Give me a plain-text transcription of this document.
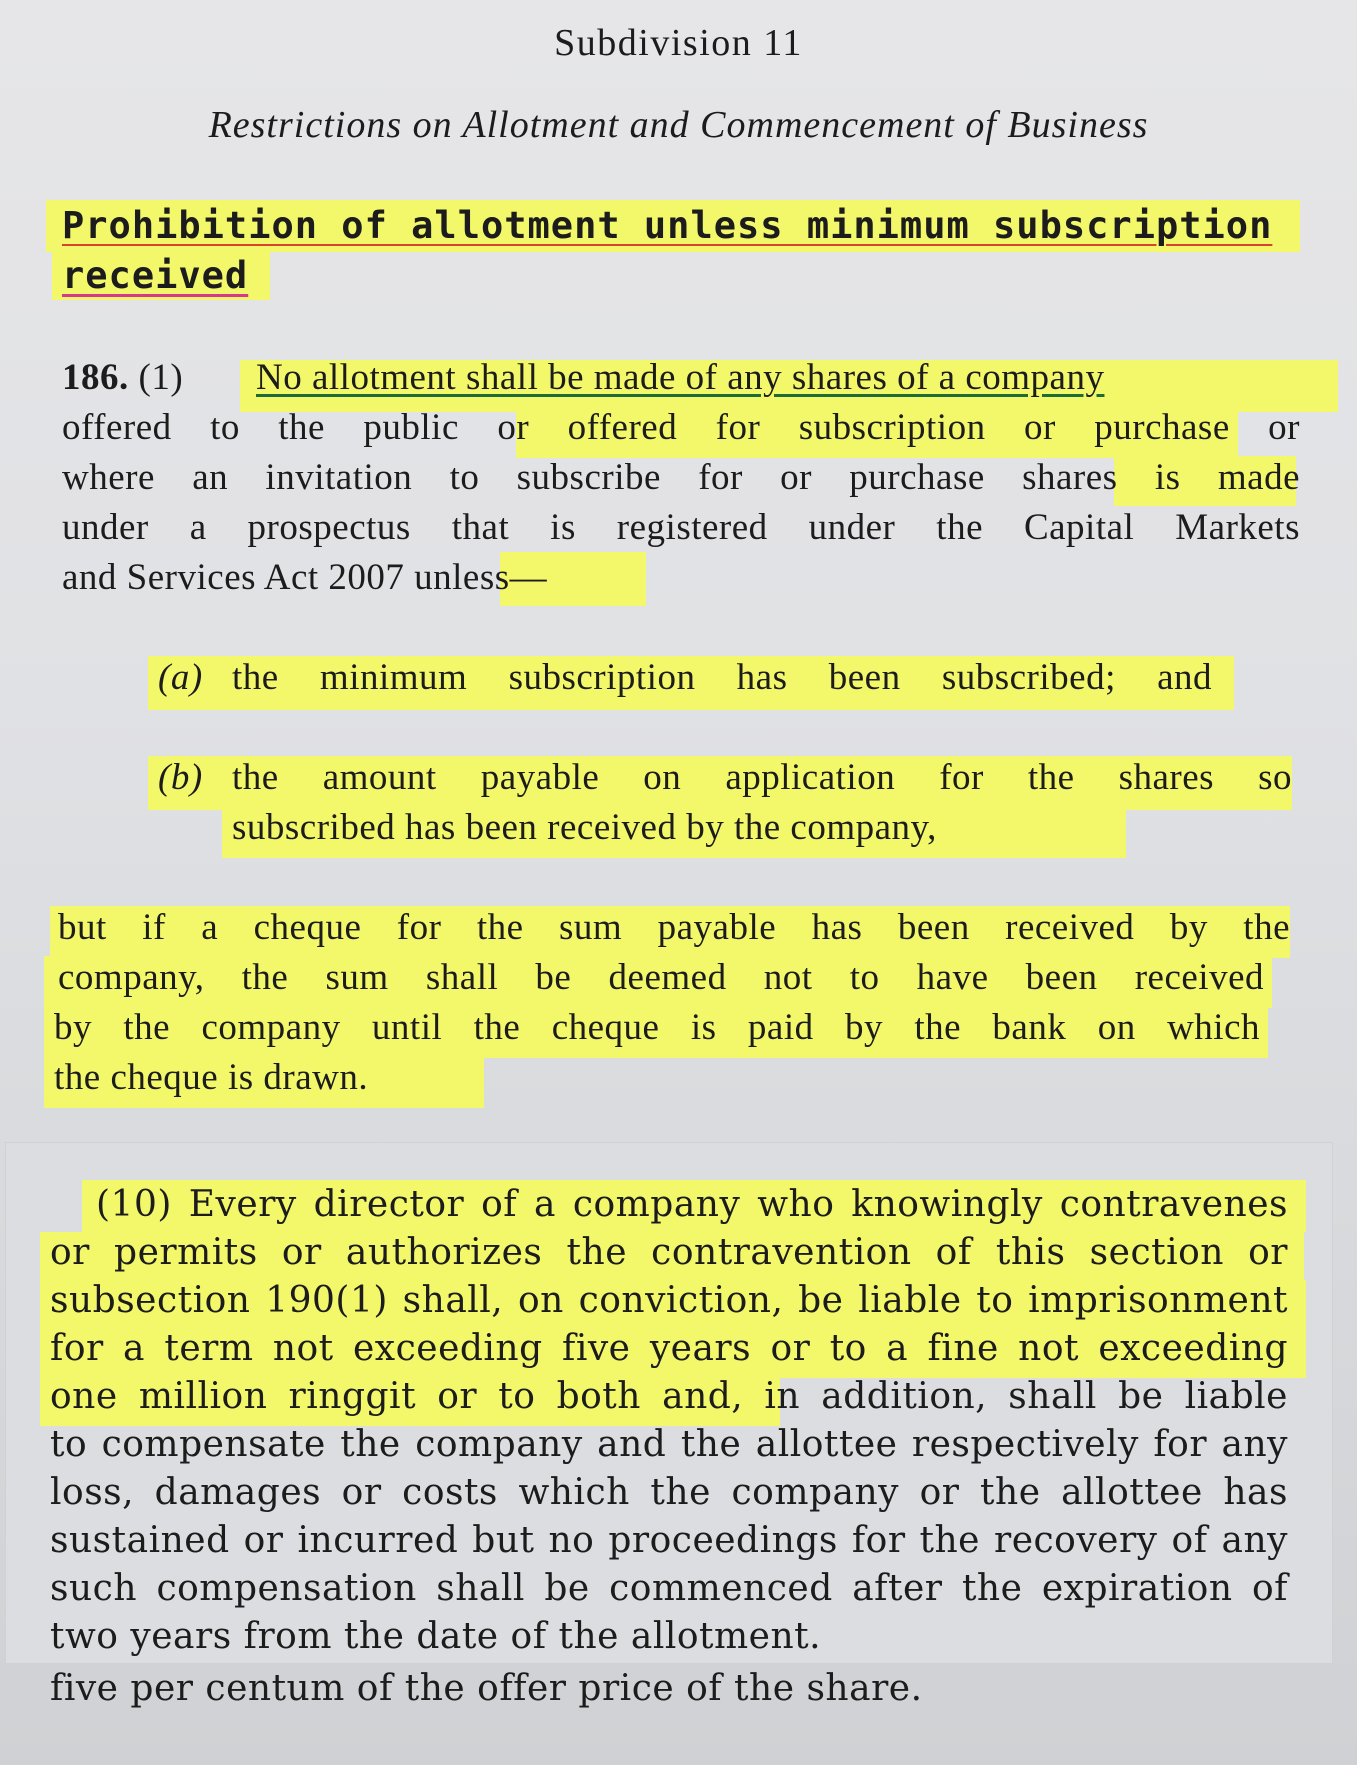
Subdivision 11
Restrictions on Allotment and Commencement of Business
Prohibition of allotment unless minimum subscription
received
186. (1) No allotment shall be made of any shares of a company
offered to the public or offered for subscription or purchase or
where an invitation to subscribe for or purchase shares is made
under a prospectus that is registered under the Capital Markets
and Services Act 2007 unless—
(a) the minimum subscription has been subscribed; and
(b) the amount payable on application for the shares so
subscribed has been received by the company,
but if a cheque for the sum payable has been received by the
company, the sum shall be deemed not to have been received
by the company until the cheque is paid by the bank on which
the cheque is drawn.
(10) Every director of a company who knowingly contravenes
or permits or authorizes the contravention of this section or
subsection 190(1) shall, on conviction, be liable to imprisonment
for a term not exceeding five years or to a fine not exceeding
one million ringgit or to both and, in addition, shall be liable
to compensate the company and the allottee respectively for any
loss, damages or costs which the company or the allottee has
sustained or incurred but no proceedings for the recovery of any
such compensation shall be commenced after the expiration of
two years from the date of the allotment.
five per centum of the offer price of the share.
